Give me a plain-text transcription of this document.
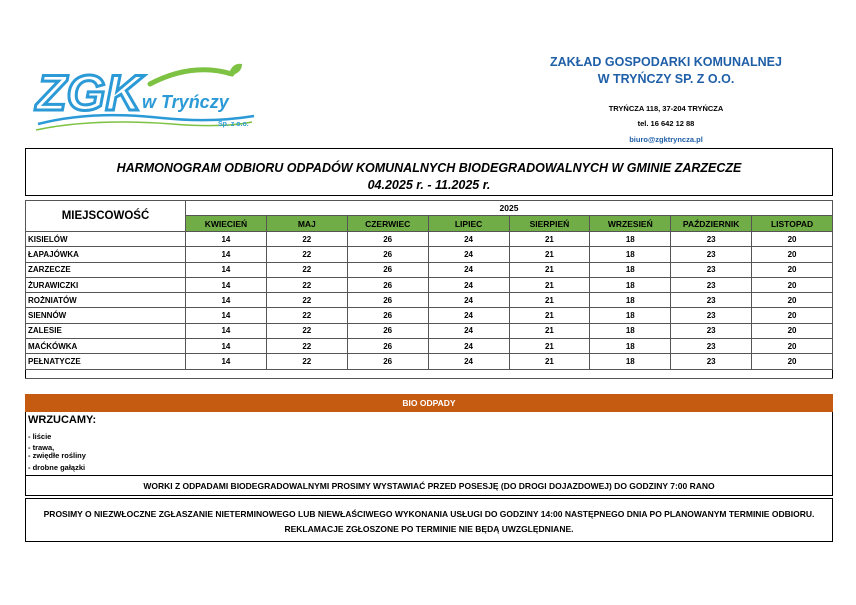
ZGK w Tryńczy
Sp. z o.o.
ZAKŁAD GOSPODARKI KOMUNALNEJ
W TRYŃCZY SP. Z O.O.
TRYŃCZA 118, 37-204 TRYŃCZA
tel. 16 642 12 88
biuro@zgktryncza.pl
HARMONOGRAM ODBIORU ODPADÓW KOMUNALNYCH BIODEGRADOWALNYCH W GMINIE ZARZECZE
04.2025 r. - 11.2025 r.
MIEJSCOWOŚĆ	2025							
	KWIECIEŃ	MAJ	CZERWIEC	LIPIEC	SIERPIEŃ	WRZESIEŃ	PAŹDZIERNIK	LISTOPAD
KISIELÓW	14	22	26	24	21	18	23	20
ŁAPAJÓWKA	14	22	26	24	21	18	23	20
ZARZECZE	14	22	26	24	21	18	23	20
ŻURAWICZKI	14	22	26	24	21	18	23	20
ROŻNIATÓW	14	22	26	24	21	18	23	20
SIENNÓW	14	22	26	24	21	18	23	20
ZALESIE	14	22	26	24	21	18	23	20
MAĆKÓWKA	14	22	26	24	21	18	23	20
PEŁNATYCZE	14	22	26	24	21	18	23	20

BIO ODPADY
WRZUCAMY:
- liście
- trawa,
- zwiędłe rośliny
- drobne gałązki
WORKI Z ODPADAMI BIODEGRADOWALNYMI PROSIMY WYSTAWIAĆ PRZED POSESJĘ (DO DROGI DOJAZDOWEJ) DO GODZINY 7:00 RANO
PROSIMY O NIEZWŁOCZNE ZGŁASZANIE NIETERMINOWEGO LUB NIEWŁAŚCIWEGO WYKONANIA USŁUGI DO GODZINY 14:00 NASTĘPNEGO DNIA PO PLANOWANYM TERMINIE ODBIORU. REKLAMACJE ZGŁOSZONE PO TERMINIE NIE BĘDĄ UWZGLĘDNIANE.
